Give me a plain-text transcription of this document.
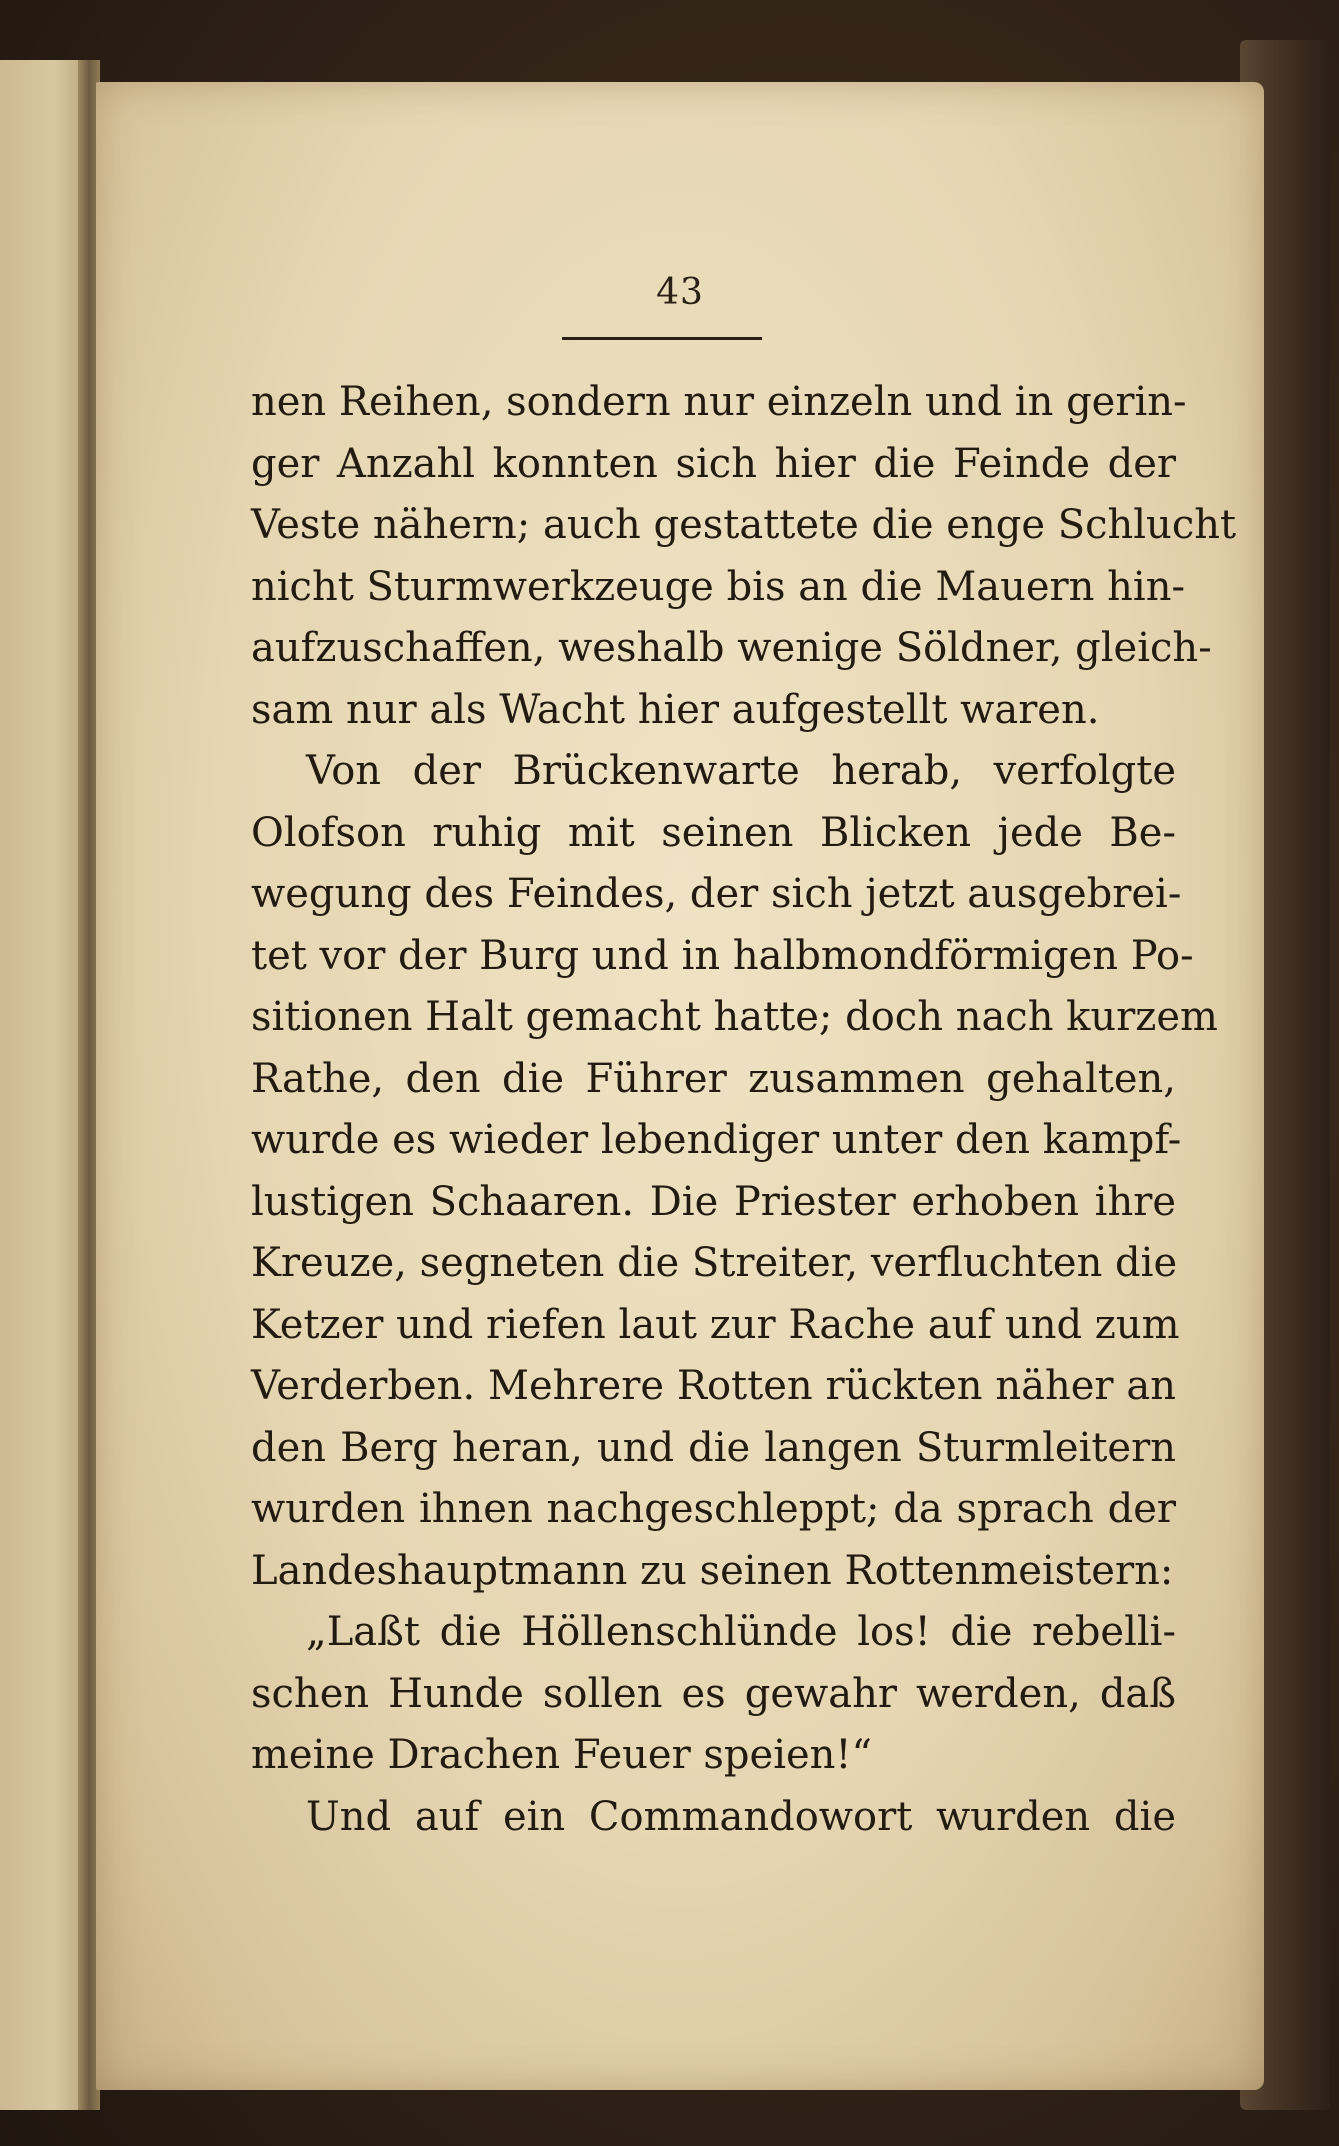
43
nen Reihen, sondern nur einzeln und in gerin-
ger Anzahl konnten sich hier die Feinde der
Veste nähern; auch gestattete die enge Schlucht
nicht Sturmwerkzeuge bis an die Mauern hin-
aufzuschaffen, weshalb wenige Söldner, gleich-
sam nur als Wacht hier aufgestellt waren.
Von der Brückenwarte herab, verfolgte
Olofson ruhig mit seinen Blicken jede Be-
wegung des Feindes, der sich jetzt ausgebrei-
tet vor der Burg und in halbmondförmigen Po-
sitionen Halt gemacht hatte; doch nach kurzem
Rathe, den die Führer zusammen gehalten,
wurde es wieder lebendiger unter den kampf-
lustigen Schaaren. Die Priester erhoben ihre
Kreuze, segneten die Streiter, verfluchten die
Ketzer und riefen laut zur Rache auf und zum
Verderben. Mehrere Rotten rückten näher an
den Berg heran, und die langen Sturmleitern
wurden ihnen nachgeschleppt; da sprach der
Landeshauptmann zu seinen Rottenmeistern:
„Laßt die Höllenschlünde los! die rebelli-
schen Hunde sollen es gewahr werden, daß
meine Drachen Feuer speien!“
Und auf ein Commandowort wurden die
